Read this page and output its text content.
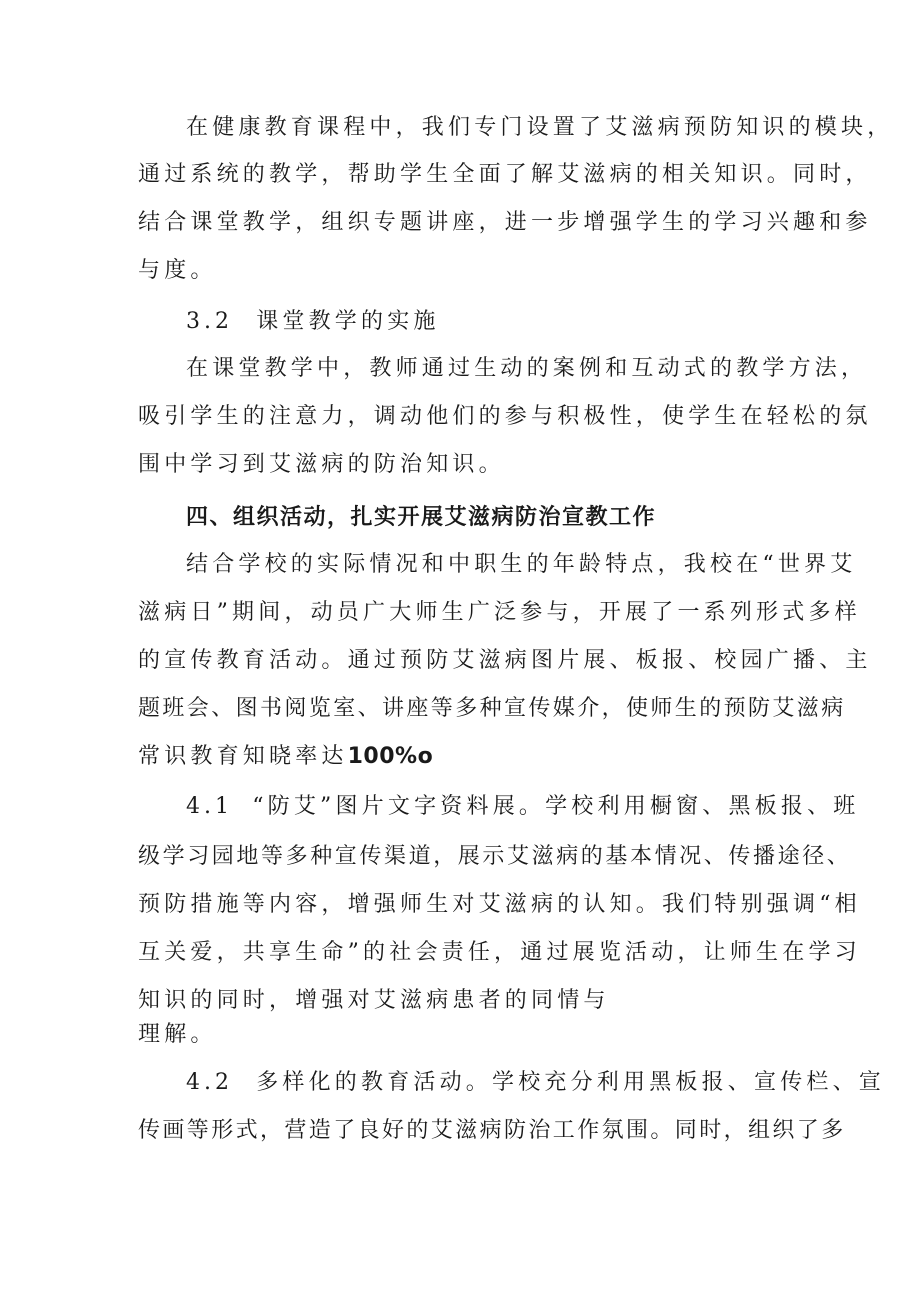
在健康教育课程中，我们专门设置了艾滋病预防知识的模块，
通过系统的教学，帮助学生全面了解艾滋病的相关知识。同时，
结合课堂教学，组织专题讲座，进一步增强学生的学习兴趣和参
与度。
3.2 课堂教学的实施
在课堂教学中，教师通过生动的案例和互动式的教学方法，
吸引学生的注意力，调动他们的参与积极性，使学生在轻松的氛
围中学习到艾滋病的防治知识。
四、组织活动，扎实开展艾滋病防治宣教工作
结合学校的实际情况和中职生的年龄特点，我校在“世界艾
滋病日”期间，动员广大师生广泛参与，开展了一系列形式多样
的宣传教育活动。通过预防艾滋病图片展、板报、校园广播、主
题班会、图书阅览室、讲座等多种宣传媒介，使师生的预防艾滋病
常识教育知晓率达100%o
4.1 “防艾”图片文字资料展。学校利用橱窗、黑板报、班
级学习园地等多种宣传渠道，展示艾滋病的基本情况、传播途径、
预防措施等内容，增强师生对艾滋病的认知。我们特别强调“相
互关爱，共享生命”的社会责任，通过展览活动，让师生在学习
知识的同时，增强对艾滋病患者的同情与
理解。
4.2 多样化的教育活动。学校充分利用黑板报、宣传栏、宣
传画等形式，营造了良好的艾滋病防治工作氛围。同时，组织了多
